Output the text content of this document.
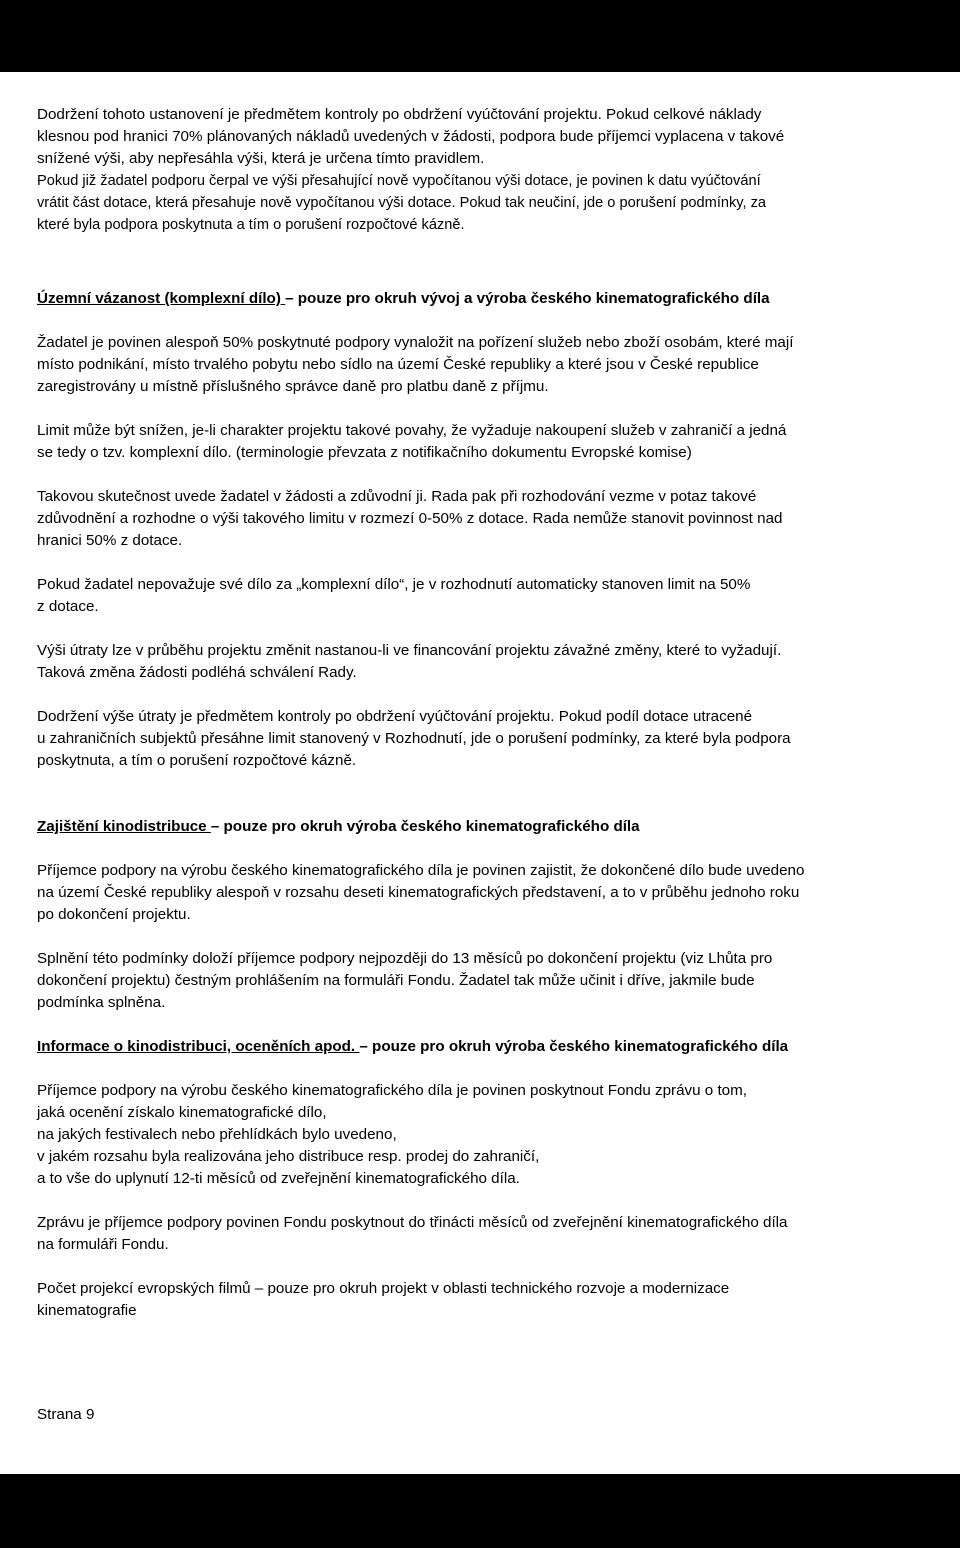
Dodržení tohoto ustanovení je předmětem kontroly po obdržení vyúčtování projektu. Pokud celkové náklady
klesnou pod hranici 70% plánovaných nákladů uvedených v žádosti, podpora bude příjemci vyplacena v takové
snížené výši, aby nepřesáhla výši, která je určena tímto pravidlem.
Pokud již žadatel podporu čerpal ve výši přesahující nově vypočítanou výši dotace, je povinen k datu vyúčtování
vrátit část dotace, která přesahuje nově vypočítanou výši dotace. Pokud tak neučiní, jde o porušení podmínky, za
které byla podpora poskytnuta a tím o porušení rozpočtové kázně.
Územní vázanost (komplexní dílo) – pouze pro okruh vývoj a výroba českého kinematografického díla
Žadatel je povinen alespoň 50% poskytnuté podpory vynaložit na pořízení služeb nebo zboží osobám, které mají
místo podnikání, místo trvalého pobytu nebo sídlo na území České republiky a které jsou v České republice
zaregistrovány u místně příslušného správce daně pro platbu daně z příjmu.
Limit může být snížen, je-li charakter projektu takové povahy, že vyžaduje nakoupení služeb v zahraničí a jedná
se tedy o tzv. komplexní dílo. (terminologie převzata z notifikačního dokumentu Evropské komise)
Takovou skutečnost uvede žadatel v žádosti a zdůvodní ji. Rada pak při rozhodování vezme v potaz takové
zdůvodnění a rozhodne o výši takového limitu v rozmezí 0-50% z dotace. Rada nemůže stanovit povinnost nad
hranici 50% z dotace.
Pokud žadatel nepovažuje své dílo za „komplexní dílo“, je v rozhodnutí automaticky stanoven limit na 50%
z dotace.
Výši útraty lze v průběhu projektu změnit nastanou-li ve financování projektu závažné změny, které to vyžadují.
Taková změna žádosti podléhá schválení Rady.
Dodržení výše útraty je předmětem kontroly po obdržení vyúčtování projektu. Pokud podíl dotace utracené
u zahraničních subjektů přesáhne limit stanovený v Rozhodnutí, jde o porušení podmínky, za které byla podpora
poskytnuta, a tím o porušení rozpočtové kázně.
Zajištění kinodistribuce – pouze pro okruh výroba českého kinematografického díla
Příjemce podpory na výrobu českého kinematografického díla je povinen zajistit, že dokončené dílo bude uvedeno
na území České republiky alespoň v rozsahu deseti kinematografických představení, a to v průběhu jednoho roku
po dokončení projektu.
Splnění této podmínky doloží příjemce podpory nejpozději do 13 měsíců po dokončení projektu (viz Lhůta pro
dokončení projektu) čestným prohlášením na formuláři Fondu. Žadatel tak může učinit i dříve, jakmile bude
podmínka splněna.
Informace o kinodistribuci, oceněních apod. – pouze pro okruh výroba českého kinematografického díla
Příjemce podpory na výrobu českého kinematografického díla je povinen poskytnout Fondu zprávu o tom,
jaká ocenění získalo kinematografické dílo,
na jakých festivalech nebo přehlídkách bylo uvedeno,
v jakém rozsahu byla realizována jeho distribuce resp. prodej do zahraničí,
a to vše do uplynutí 12-ti měsíců od zveřejnění kinematografického díla.
Zprávu je příjemce podpory povinen Fondu poskytnout do třinácti měsíců od zveřejnění kinematografického díla
na formuláři Fondu.
Počet projekcí evropských filmů – pouze pro okruh projekt v oblasti technického rozvoje a modernizace
kinematografie
Strana 9
